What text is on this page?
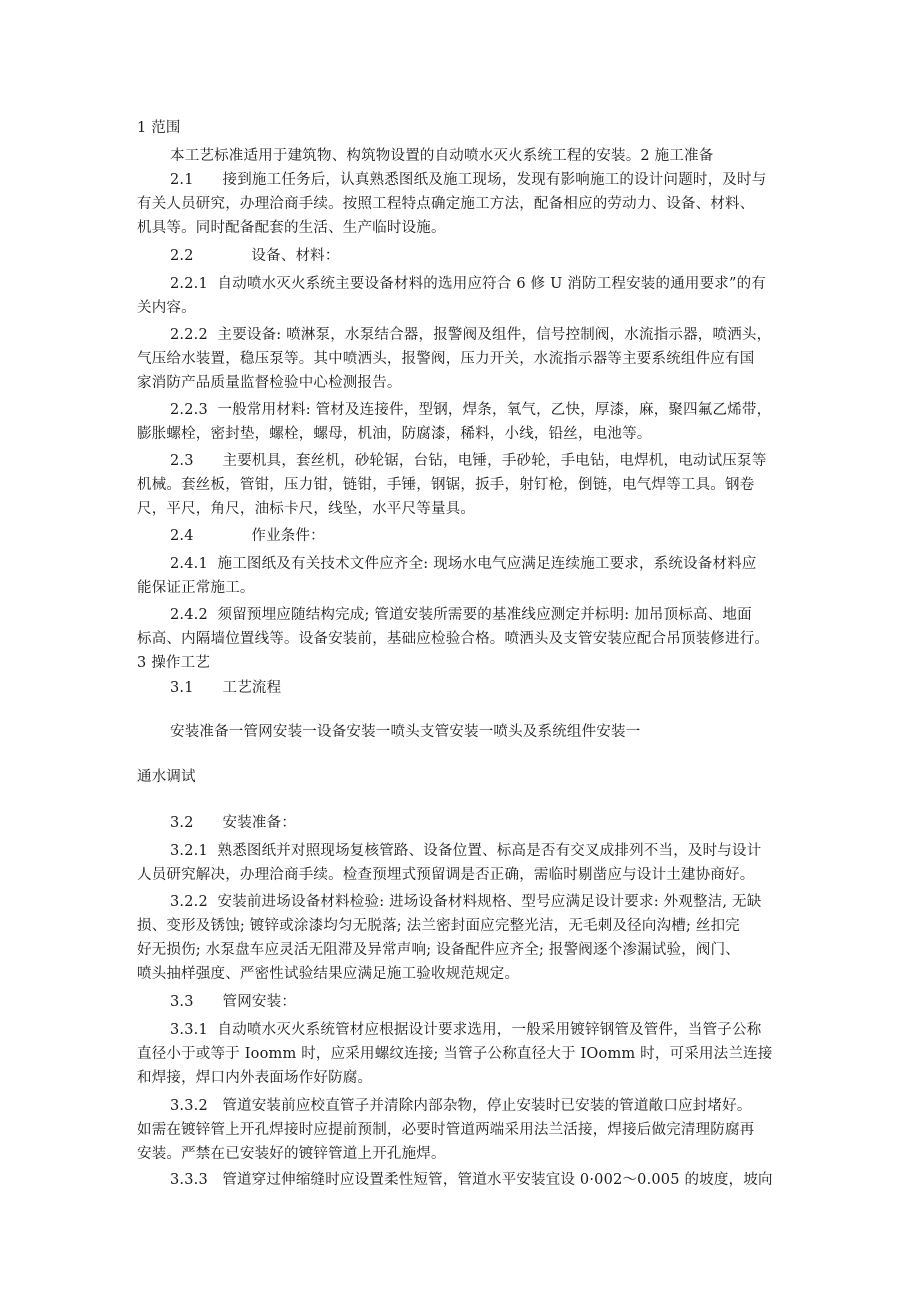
1 范围
本工艺标准适用于建筑物、构筑物设置的自动喷水灭火系统工程的安装。2 施工准备
2.1      接到施工任务后，认真熟悉图纸及施工现场，发现有影响施工的设计问题时，及时与
有关人员研究，办理洽商手续。按照工程特点确定施工方法，配备相应的劳动力、设备、材料、
机具等。同时配备配套的生活、生产临时设施。
2.2            设备、材料：
2.2.1  自动喷水灭火系统主要设备材料的选用应符合 6 修 U 消防工程安装的通用要求”的有
关内容。
2.2.2  主要设备: 喷淋泵，水泵结合器，报警阀及组件，信号控制阀，水流指示器，喷洒头，
气压给水装置，稳压泵等。其中喷洒头，报警阀，压力开关，水流指示器等主要系统组件应有国
家消防产品质量监督检验中心检测报告。
2.2.3  一般常用材料: 管材及连接件，型钢，焊条，氧气，乙快，厚漆，麻，聚四氟乙烯带，
膨胀螺栓，密封垫，螺栓，螺母，机油，防腐漆，稀料，小线，铅丝，电池等。
2.3      主要机具，套丝机，砂轮锯，台钻，电锤，手砂轮，手电钻，电焊机，电动试压泵等
机械。套丝板，管钳，压力钳，链钳，手锤，钢锯，扳手，射钉枪，倒链，电气焊等工具。钢卷
尺，平尺，角尺，油标卡尺，线坠，水平尺等量具。
2.4            作业条件：
2.4.1  施工图纸及有关技术文件应齐全: 现场水电气应满足连续施工要求，系统设备材料应
能保证正常施工。
2.4.2  须留预埋应随结构完成; 管道安装所需要的基准线应测定并标明: 加吊顶标高、地面
标高、内隔墙位置线等。设备安装前，基础应检验合格。喷洒头及支管安装应配合吊顶装修进行。
3 操作工艺
3.1      工艺流程
安装准备一管网安装一设备安装一喷头支管安装一喷头及系统组件安装一
通水调试
3.2      安装准备：
3.2.1  熟悉图纸并对照现场复核管路、设备位置、标高是否有交叉成排列不当，及时与设计
人员研究解决，办理洽商手续。检查预埋式预留调是否正确，需临时剔凿应与设计土建协商好。
3.2.2  安装前进场设备材料检验: 进场设备材料规格、型号应满足设计要求: 外观整洁, 无缺
损、变形及锈蚀; 镀锌或涂漆均匀无脱落; 法兰密封面应完整光洁，无毛刺及径向沟槽; 丝扣完
好无损伤; 水泵盘车应灵活无阻滞及异常声响; 设备配件应齐全; 报警阀逐个渗漏试验，阀门、
喷头抽样强度、严密性试验结果应满足施工验收规范规定。
3.3      管网安装：
3.3.1  自动喷水灭火系统管材应根据设计要求选用，一般采用镀锌钢管及管件，当管子公称
直径小于或等于 Ioomm 时，应采用螺纹连接; 当管子公称直径大于 IOomm 时，可采用法兰连接
和焊接，焊口内外表面场作好防腐。
3.3.2   管道安装前应校直管子并清除内部杂物，停止安装时已安装的管道敞口应封堵好。
如需在镀锌管上开孔焊接时应提前预制，必要时管道两端采用法兰活接，焊接后做完清理防腐再
安装。严禁在已安装好的镀锌管道上开孔施焊。
3.3.3   管道穿过伸缩缝时应设置柔性短管，管道水平安装宜设 0·002～0.005 的坡度，坡向
